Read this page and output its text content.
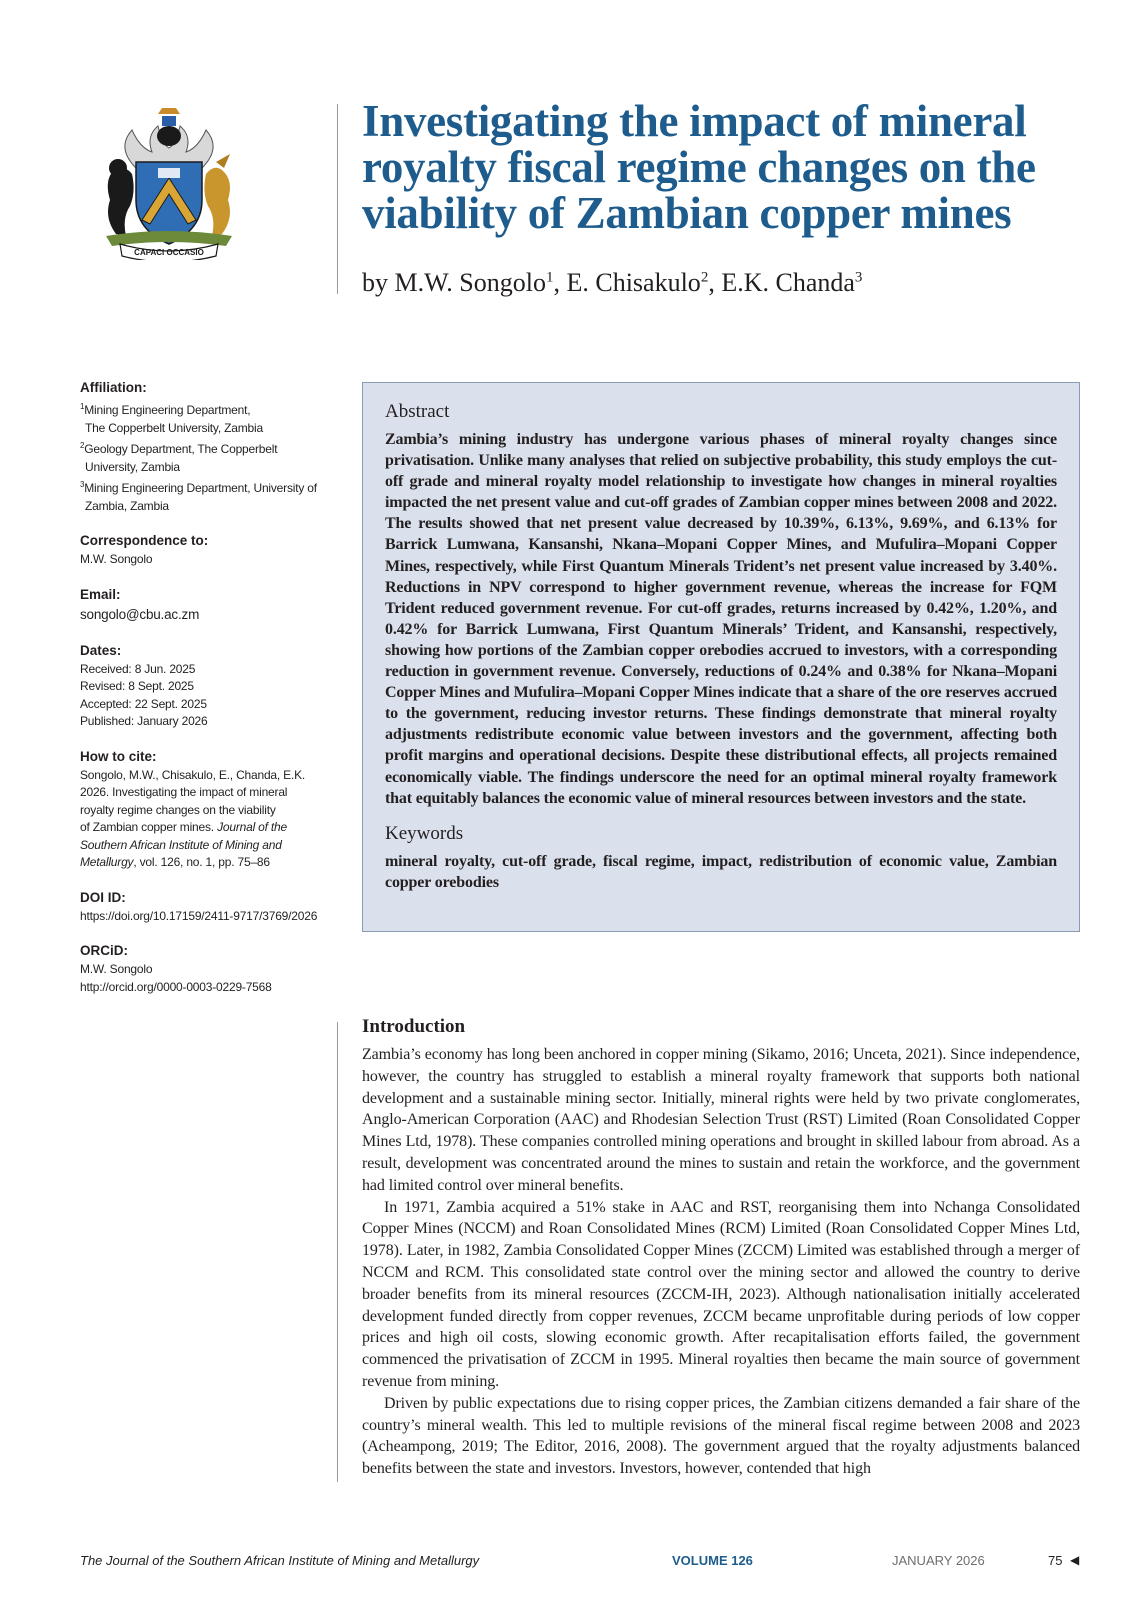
CAPACI OCCASIO
Investigating the impact of mineral royalty fiscal regime changes on the viability of Zambian copper mines

by M.W. Songolo$^1$, E. Chisakulo$^2$, E.K. Chanda$^3$

Affiliation:
$^1$Mining Engineering Department,
The Copperbelt University, Zambia
$^2$Geology Department, The Copperbelt
University, Zambia
$^3$Mining Engineering Department, University of
Zambia, Zambia
Correspondence to:
M.W. Songolo
Email:
songolo@cbu.ac.zm
Dates:
Received: 8 Jun. 2025
Revised: 8 Sept. 2025
Accepted: 22 Sept. 2025
Published: January 2026
How to cite:
Songolo, M.W., Chisakulo, E., Chanda, E.K.
2026. Investigating the impact of mineral
royalty regime changes on the viability
of Zambian copper mines. Journal of the
Southern African Institute of Mining and
Metallurgy, vol. 126, no. 1, pp. 75–86
DOI ID:
https://doi.org/10.17159/2411-9717/3769/2026
ORCiD:
M.W. Songolo
http://orcid.org/0000-0003-0229-7568
Abstract

Zambia’s mining industry has undergone various phases of mineral royalty changes since privatisation. Unlike many analyses that relied on subjective probability, this study employs the cut-off grade and mineral royalty model relationship to investigate how changes in mineral royalties impacted the net present value and cut-off grades of Zambian copper mines between 2008 and 2022. The results showed that net present value decreased by 10.39%, 6.13%, 9.69%, and 6.13% for Barrick Lumwana, Kansanshi, Nkana–Mopani Copper Mines, and Mufulira–Mopani Copper Mines, respectively, while First Quantum Minerals Trident’s net present value increased by 3.40%. Reductions in NPV correspond to higher government revenue, whereas the increase for FQM Trident reduced government revenue. For cut-off grades, returns increased by 0.42%, 1.20%, and 0.42% for Barrick Lumwana, First Quantum Minerals’ Trident, and Kansanshi, respectively, showing how portions of the Zambian copper orebodies accrued to investors, with a corresponding reduction in government revenue. Conversely, reductions of 0.24% and 0.38% for Nkana–Mopani Copper Mines and Mufulira–Mopani Copper Mines indicate that a share of the ore reserves accrued to the government, reducing investor returns. These findings demonstrate that mineral royalty adjustments redistribute economic value between investors and the government, affecting both profit margins and operational decisions. Despite these distributional effects, all projects remained economically viable. The findings underscore the need for an optimal mineral royalty framework that equitably balances the economic value of mineral resources between investors and the state.

Keywords

mineral royalty, cut-off grade, fiscal regime, impact, redistribution of economic value, Zambian copper orebodies

Introduction

Zambia’s economy has long been anchored in copper mining (Sikamo, 2016; Unceta, 2021). Since independence, however, the country has struggled to establish a mineral royalty framework that supports both national development and a sustainable mining sector. Initially, mineral rights were held by two private conglomerates, Anglo-American Corporation (AAC) and Rhodesian Selection Trust (RST) Limited (Roan Consolidated Copper Mines Ltd, 1978). These companies controlled mining operations and brought in skilled labour from abroad. As a result, development was concentrated around the mines to sustain and retain the workforce, and the government had limited control over mineral benefits.

In 1971, Zambia acquired a 51% stake in AAC and RST, reorganising them into Nchanga Consolidated Copper Mines (NCCM) and Roan Consolidated Mines (RCM) Limited (Roan Consolidated Copper Mines Ltd, 1978). Later, in 1982, Zambia Consolidated Copper Mines (ZCCM) Limited was established through a merger of NCCM and RCM. This consolidated state control over the mining sector and allowed the country to derive broader benefits from its mineral resources (ZCCM-IH, 2023). Although nationalisation initially accelerated development funded directly from copper revenues, ZCCM became unprofitable during periods of low copper prices and high oil costs, slowing economic growth. After recapitalisation efforts failed, the government commenced the privatisation of ZCCM in 1995. Mineral royalties then became the main source of government revenue from mining.

Driven by public expectations due to rising copper prices, the Zambian citizens demanded a fair share of the country’s mineral wealth. This led to multiple revisions of the mineral fiscal regime between 2008 and 2023 (Acheampong, 2019; The Editor, 2016, 2008). The government argued that the royalty adjustments balanced benefits between the state and investors. Investors, however, contended that high

The Journal of the Southern African Institute of Mining and Metallurgy	VOLUME 126	JANUARY 2026	75 ◀
